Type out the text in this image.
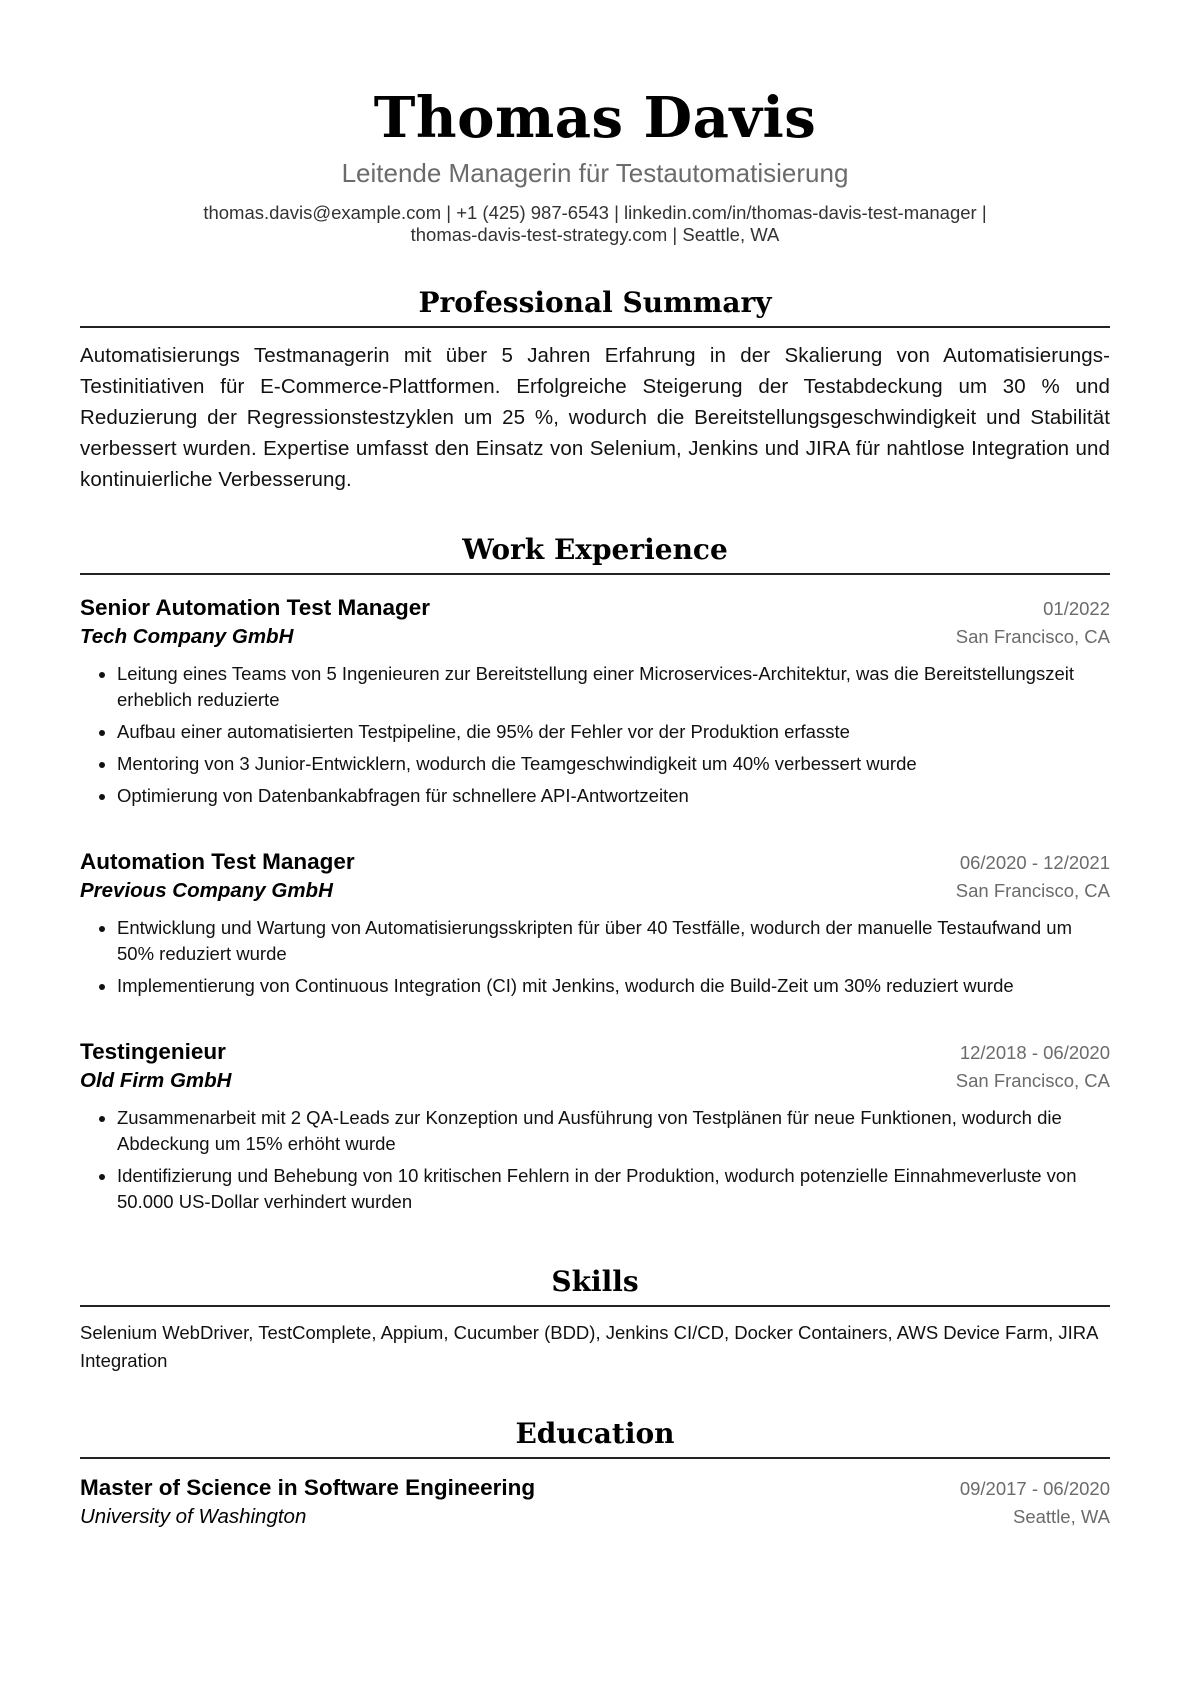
Thomas Davis
Leitende Managerin für Testautomatisierung
thomas.davis@example.com | +1 (425) 987-6543 | linkedin.com/in/thomas-davis-test-manager |
thomas-davis-test-strategy.com | Seattle, WA
Professional Summary
Automatisierungs Testmanagerin mit über 5 Jahren Erfahrung in der Skalierung von Automatisierungs-Testinitiativen für E-Commerce-Plattformen. Erfolgreiche Steigerung der Testabdeckung um 30 % und Reduzierung der Regressionstestzyklen um 25 %, wodurch die Bereitstellungsgeschwindigkeit und Stabilität verbessert wurden. Expertise umfasst den Einsatz von Selenium, Jenkins und JIRA für nahtlose Integration und kontinuierliche Verbesserung.
Work Experience
Senior Automation Test Manager	01/2022
Tech Company GmbH	San Francisco, CA
• Leitung eines Teams von 5 Ingenieuren zur Bereitstellung einer Microservices-Architektur, was die Bereitstellungszeit erheblich reduzierte
• Aufbau einer automatisierten Testpipeline, die 95% der Fehler vor der Produktion erfasste
• Mentoring von 3 Junior-Entwicklern, wodurch die Teamgeschwindigkeit um 40% verbessert wurde
• Optimierung von Datenbankabfragen für schnellere API-Antwortzeiten
Automation Test Manager	06/2020 - 12/2021
Previous Company GmbH	San Francisco, CA
• Entwicklung und Wartung von Automatisierungsskripten für über 40 Testfälle, wodurch der manuelle Testaufwand um 50% reduziert wurde
• Implementierung von Continuous Integration (CI) mit Jenkins, wodurch die Build-Zeit um 30% reduziert wurde
Testingenieur	12/2018 - 06/2020
Old Firm GmbH	San Francisco, CA
• Zusammenarbeit mit 2 QA-Leads zur Konzeption und Ausführung von Testplänen für neue Funktionen, wodurch die Abdeckung um 15% erhöht wurde
• Identifizierung und Behebung von 10 kritischen Fehlern in der Produktion, wodurch potenzielle Einnahmeverluste von 50.000 US-Dollar verhindert wurden
Skills
Selenium WebDriver, TestComplete, Appium, Cucumber (BDD), Jenkins CI/CD, Docker Containers, AWS Device Farm, JIRA Integration
Education
Master of Science in Software Engineering	09/2017 - 06/2020
University of Washington	Seattle, WA
